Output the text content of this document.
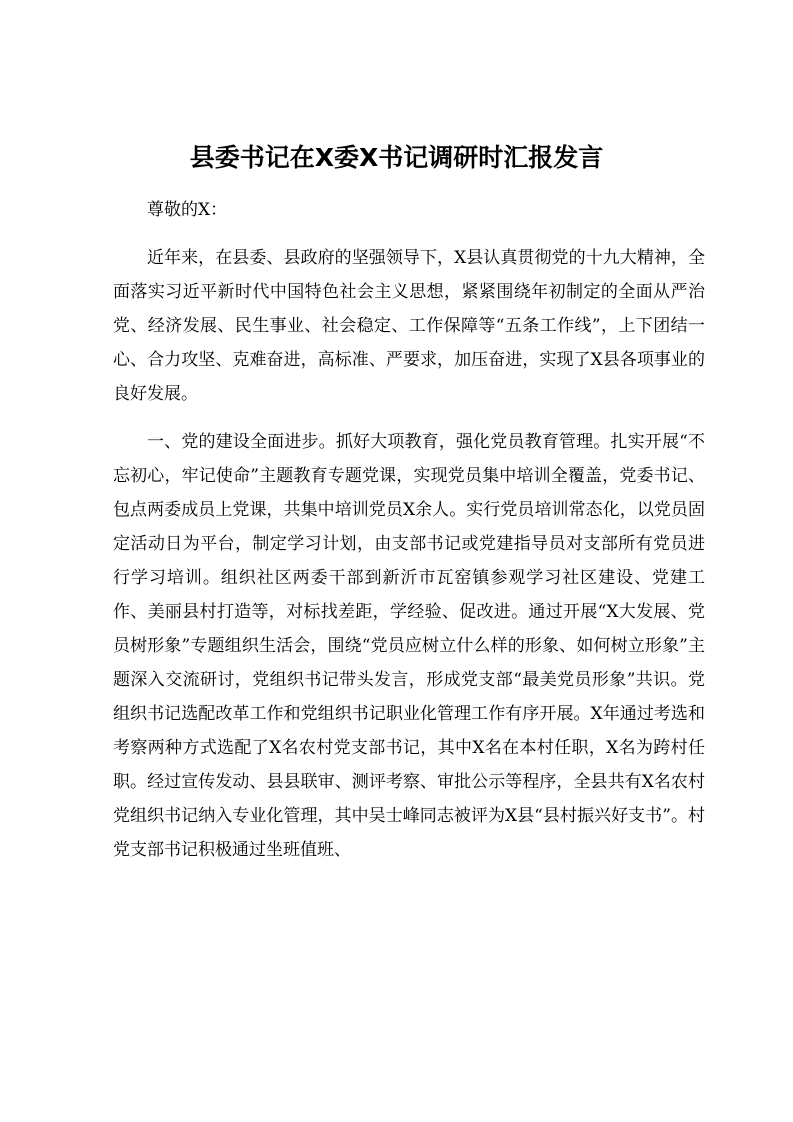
县委书记在X委X书记调研时汇报发言

尊敬的X：

近年来，在县委、县政府的坚强领导下，X县认真贯彻党的十九大精神，全面落实习近平新时代中国特色社会主义思想，紧紧围绕年初制定的全面从严治党、经济发展、民生事业、社会稳定、工作保障等“五条工作线”，上下团结一心、合力攻坚、克难奋进，高标准、严要求，加压奋进，实现了X县各项事业的良好发展。

一、党的建设全面进步。抓好大项教育，强化党员教育管理。扎实开展“不忘初心，牢记使命”主题教育专题党课，实现党员集中培训全覆盖，党委书记、包点两委成员上党课，共集中培训党员X余人。实行党员培训常态化，以党员固定活动日为平台，制定学习计划，由支部书记或党建指导员对支部所有党员进行学习培训。组织社区两委干部到新沂市瓦窑镇参观学习社区建设、党建工作、美丽县村打造等，对标找差距，学经验、促改进。通过开展“X大发展、党员树形象”专题组织生活会，围绕“党员应树立什么样的形象、如何树立形象”主题深入交流研讨，党组织书记带头发言，形成党支部“最美党员形象”共识。党组织书记选配改革工作和党组织书记职业化管理工作有序开展。X年通过考选和考察两种方式选配了X名农村党支部书记，其中X名在本村任职，X名为跨村任职。经过宣传发动、县县联审、测评考察、审批公示等程序，全县共有X名农村党组织书记纳入专业化管理，其中吴士峰同志被评为X县“县村振兴好支书”。村党支部书记积极通过坐班值班、
